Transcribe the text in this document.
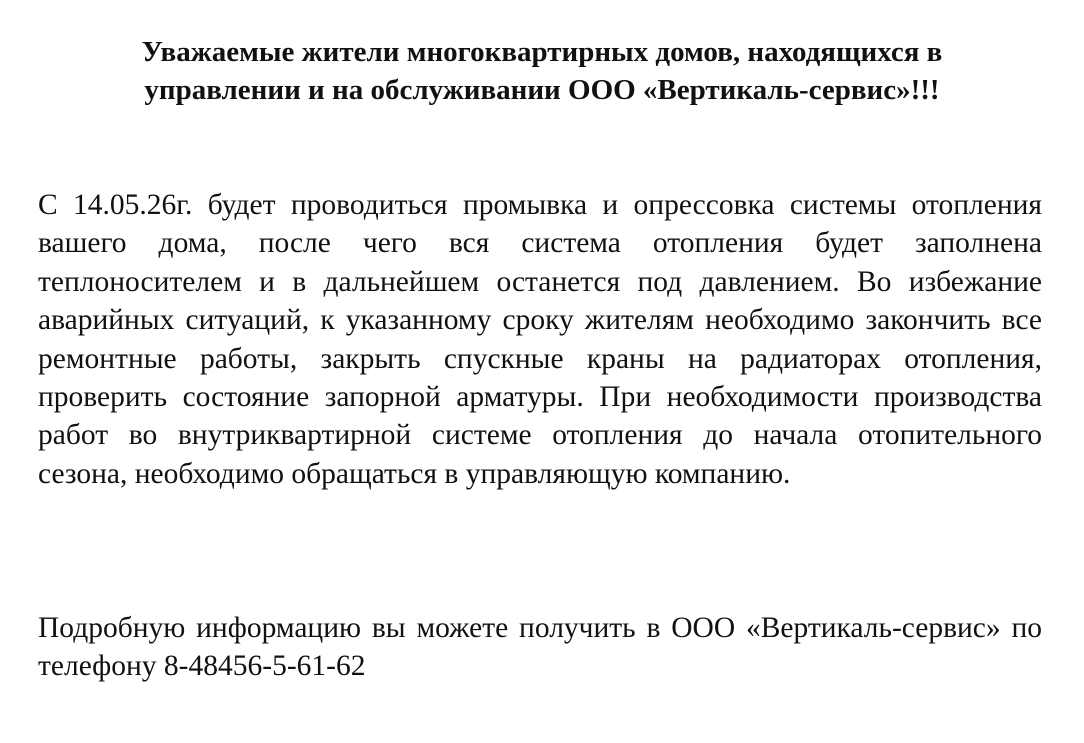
Уважаемые жители многоквартирных домов, находящихся в управлении и на обслуживании ООО «Вертикаль-сервис»!!!

С 14.05.26г. будет проводиться промывка и опрессовка системы отопления вашего дома, после чего вся система отопления будет заполнена теплоносителем и в дальнейшем останется под давлением. Во избежание аварийных ситуаций, к указанному сроку жителям необходимо закончить все ремонтные работы, закрыть спускные краны на радиаторах отопления, проверить состояние запорной арматуры. При необходимости производства работ во внутриквартирной системе отопления до начала отопительного сезона, необходимо обращаться в управляющую компанию.

Подробную информацию вы можете получить в ООО «Вертикаль-сервис» по телефону 8-48456-5-61-62
